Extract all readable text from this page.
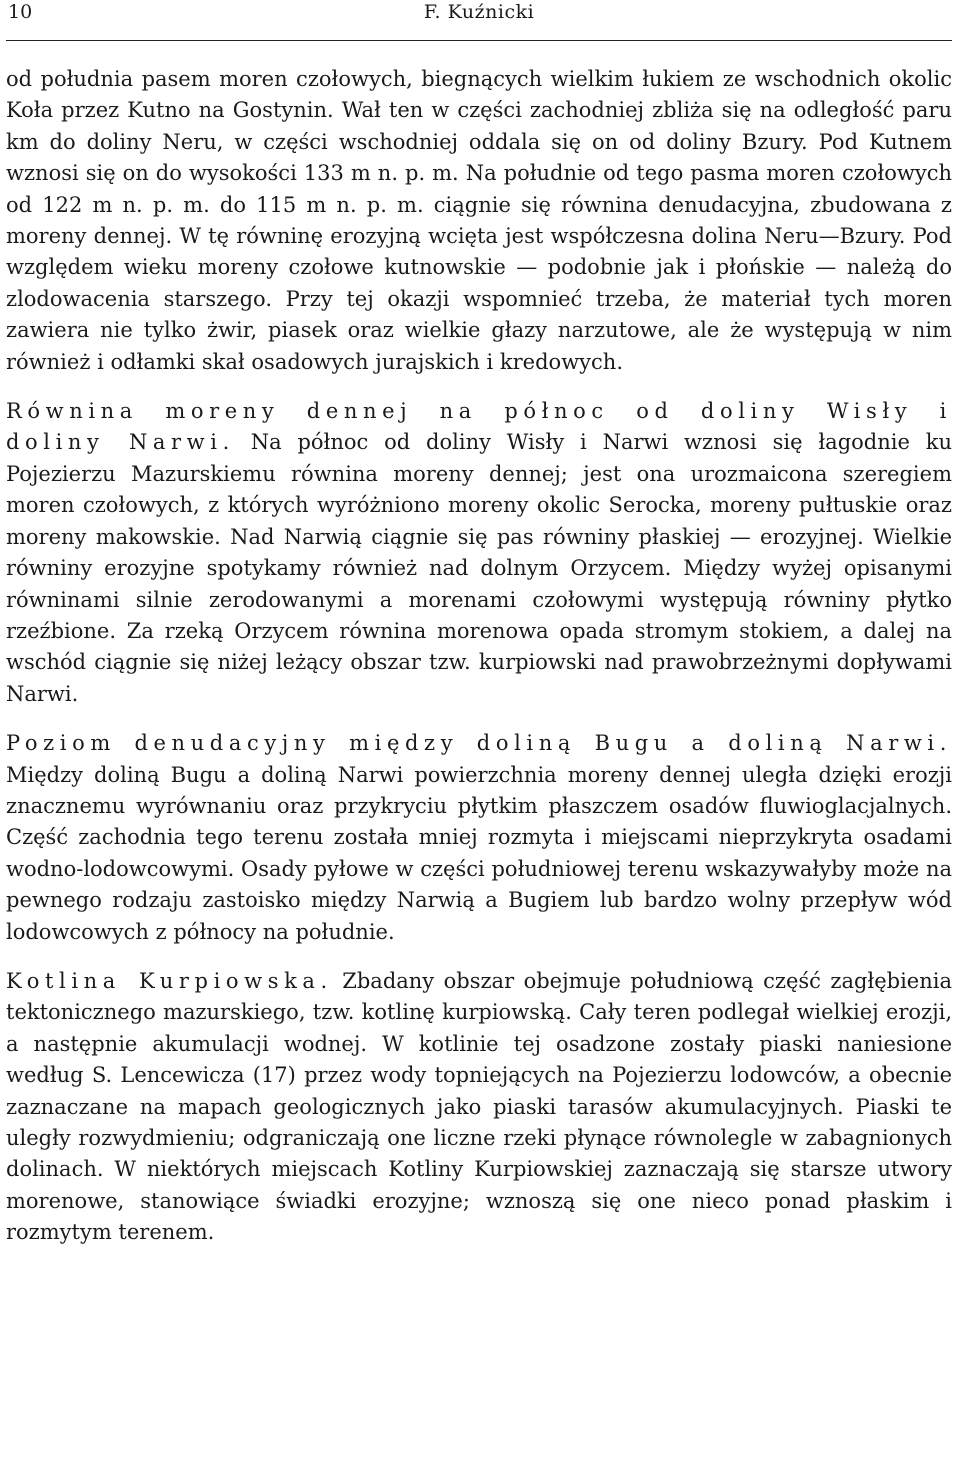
10	F. Kuźnicki

od południa pasem moren czołowych, biegnących wielkim łukiem ze wschodnich okolic Koła przez Kutno na Gostynin. Wał ten w części zachodniej zbliża się na odległość paru km do doliny Neru, w części wschodniej oddala się on od doliny Bzury. Pod Kutnem wznosi się on do wysokości 133 m n. p. m. Na południe od tego pasma moren czołowych od 122 m n. p. m. do 115 m n. p. m. ciągnie się równina denudacyjna, zbudowana z moreny dennej. W tę równinę erozyjną wcięta jest współczesna dolina Neru—Bzury. Pod względem wieku moreny czołowe kutnowskie — podobnie jak i płońskie — należą do zlodowacenia starszego. Przy tej okazji wspomnieć trzeba, że materiał tych moren zawiera nie tylko żwir, piasek oraz wielkie głazy narzutowe, ale że występują w nim również i odłamki skał osadowych jurajskich i kredowych.

Równina moreny dennej na północ od doliny Wisły i doliny Narwi. Na północ od doliny Wisły i Narwi wznosi się łagodnie ku Pojezierzu Mazurskiemu równina moreny dennej; jest ona urozmaicona szeregiem moren czołowych, z których wyróżniono moreny okolic Serocka, moreny pułtuskie oraz moreny makowskie. Nad Narwią ciągnie się pas równiny płaskiej — erozyjnej. Wielkie równiny erozyjne spotykamy również nad dolnym Orzycem. Między wyżej opisanymi równinami silnie zerodowanymi a morenami czołowymi występują równiny płytko rzeźbione. Za rzeką Orzycem równina morenowa opada stromym stokiem, a dalej na wschód ciągnie się niżej leżący obszar tzw. kurpiowski nad prawobrzeżnymi dopływami Narwi.

Poziom denudacyjny między doliną Bugu a doliną Narwi. Między doliną Bugu a doliną Narwi powierzchnia moreny dennej uległa dzięki erozji znacznemu wyrównaniu oraz przykryciu płytkim płaszczem osadów fluwioglacjalnych. Część zachodnia tego terenu została mniej rozmyta i miejscami nieprzykryta osadami wodno-lodowcowymi. Osady pyłowe w części południowej terenu wskazywałyby może na pewnego rodzaju zastoisko między Narwią a Bugiem lub bardzo wolny przepływ wód lodowcowych z północy na południe.

Kotlina Kurpiowska. Zbadany obszar obejmuje południową część zagłębienia tektonicznego mazurskiego, tzw. kotlinę kurpiowską. Cały teren podlegał wielkiej erozji, a następnie akumulacji wodnej. W kotlinie tej osadzone zostały piaski naniesione według S. Lencewicza (17) przez wody topniejących na Pojezierzu lodowców, a obecnie zaznaczane na mapach geologicznych jako piaski tarasów akumulacyjnych. Piaski te uległy rozwydmieniu; odgraniczają one liczne rzeki płynące równolegle w zabagnionych dolinach. W niektórych miejscach Kotliny Kurpiowskiej zaznaczają się starsze utwory morenowe, stanowiące świadki erozyjne; wznoszą się one nieco ponad płaskim i rozmytym terenem.
